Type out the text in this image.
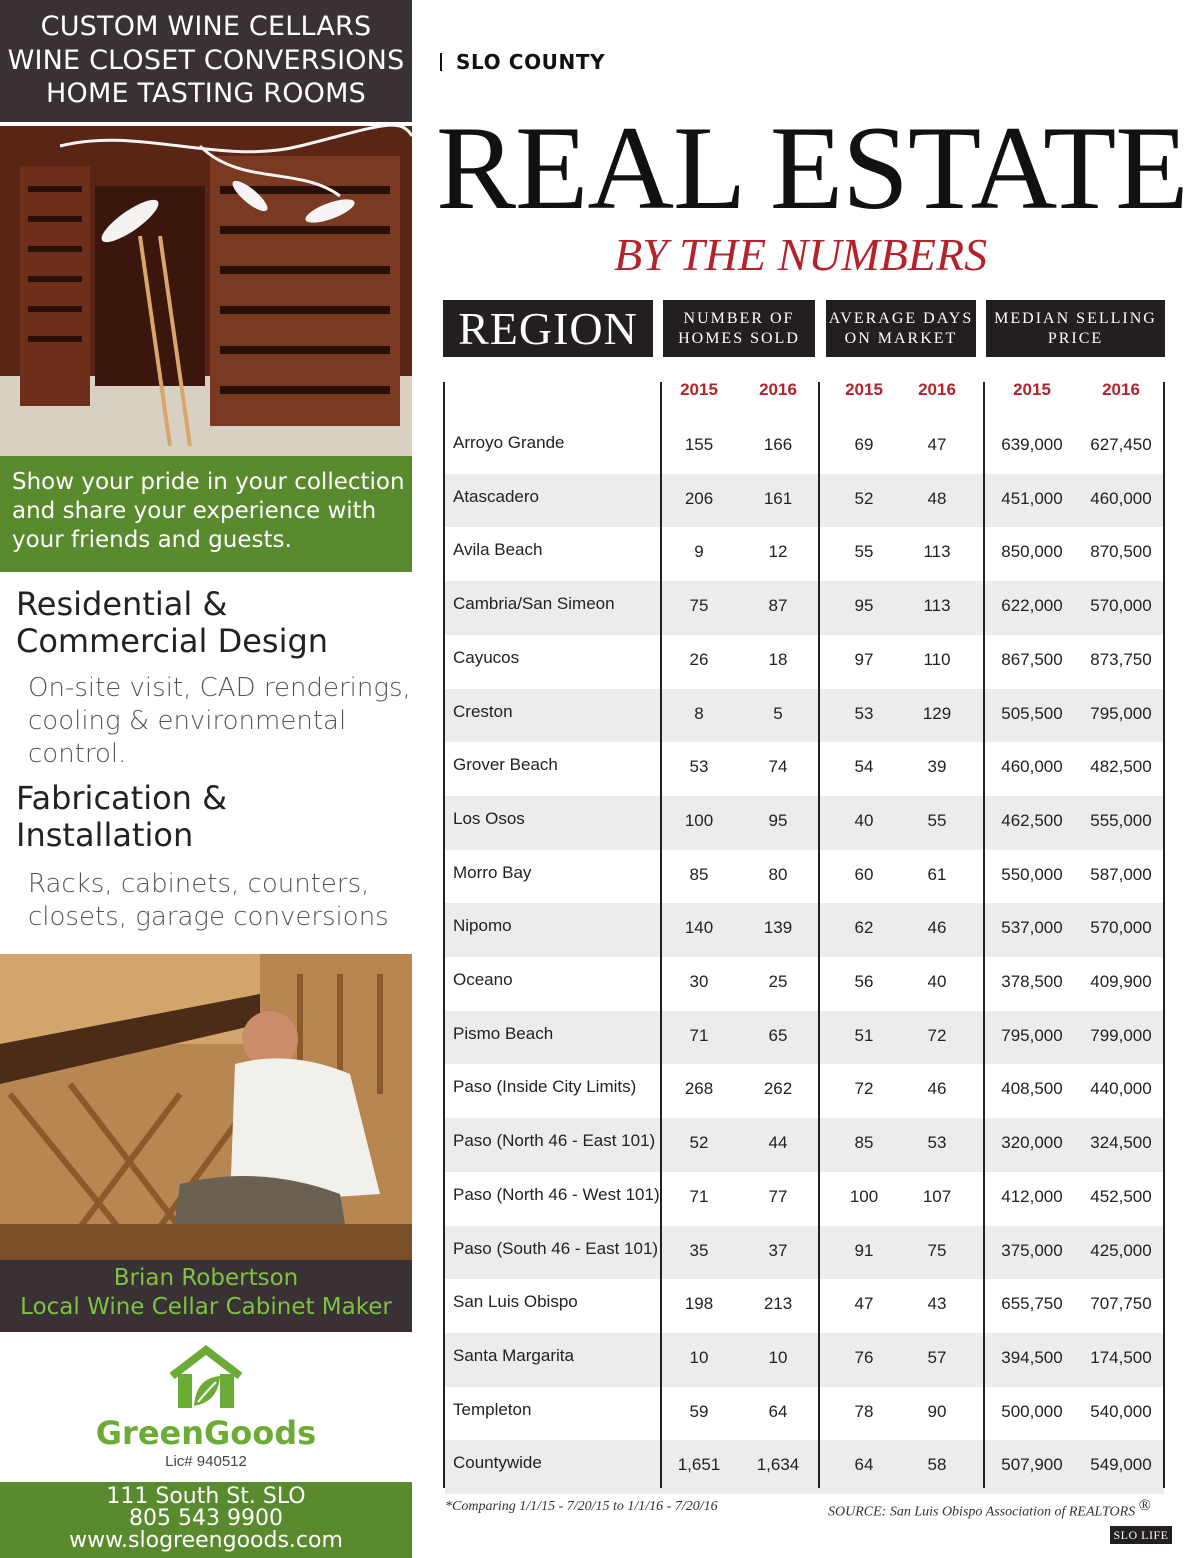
CUSTOM WINE CELLARS
WINE CLOSET CONVERSIONS
HOME TASTING ROOMS
Show your pride in your collection
and share your experience with
your friends and guests.
Residential &
Commercial Design
On-site visit, CAD renderings,
cooling & environmental
control.
Fabrication &
Installation
Racks, cabinets, counters,
closets, garage conversions
Brian Robertson
Local Wine Cellar Cabinet Maker
GreenGoods
Lic# 940512
111 South St. SLO
805 543 9900
www.slogreengoods.com
SLO COUNTY
REAL ESTATE
BY THE NUMBERS
REGION	NUMBER OF
HOMES SOLD
AVERAGE DAYS
ON MARKET
MEDIAN SELLING
PRICE
2015	2016	2015	2016	2015	2016
Arroyo Grande	155	166	69	47	639,000	627,450
Atascadero	206	161	52	48	451,000	460,000
Avila Beach	9	12	55	113	850,000	870,500
Cambria/San Simeon	75	87	95	113	622,000	570,000
Cayucos	26	18	97	110	867,500	873,750
Creston	8	5	53	129	505,500	795,000
Grover Beach	53	74	54	39	460,000	482,500
Los Osos	100	95	40	55	462,500	555,000
Morro Bay	85	80	60	61	550,000	587,000
Nipomo	140	139	62	46	537,000	570,000
Oceano	30	25	56	40	378,500	409,900
Pismo Beach	71	65	51	72	795,000	799,000
Paso (Inside City Limits)	268	262	72	46	408,500	440,000
Paso (North 46 - East 101)	52	44	85	53	320,000	324,500
Paso (North 46 - West 101)	71	77	100	107	412,000	452,500
Paso (South 46 - East 101)	35	37	91	75	375,000	425,000
San Luis Obispo	198	213	47	43	655,750	707,750
Santa Margarita	10	10	76	57	394,500	174,500
Templeton	59	64	78	90	500,000	540,000
Countywide	1,651	1,634	64	58	507,900	549,000
*Comparing 1/1/15 - 7/20/15 to 1/1/16 - 7/20/16	SOURCE: San Luis Obispo Association of REALTORS ®
SLO LIFE
